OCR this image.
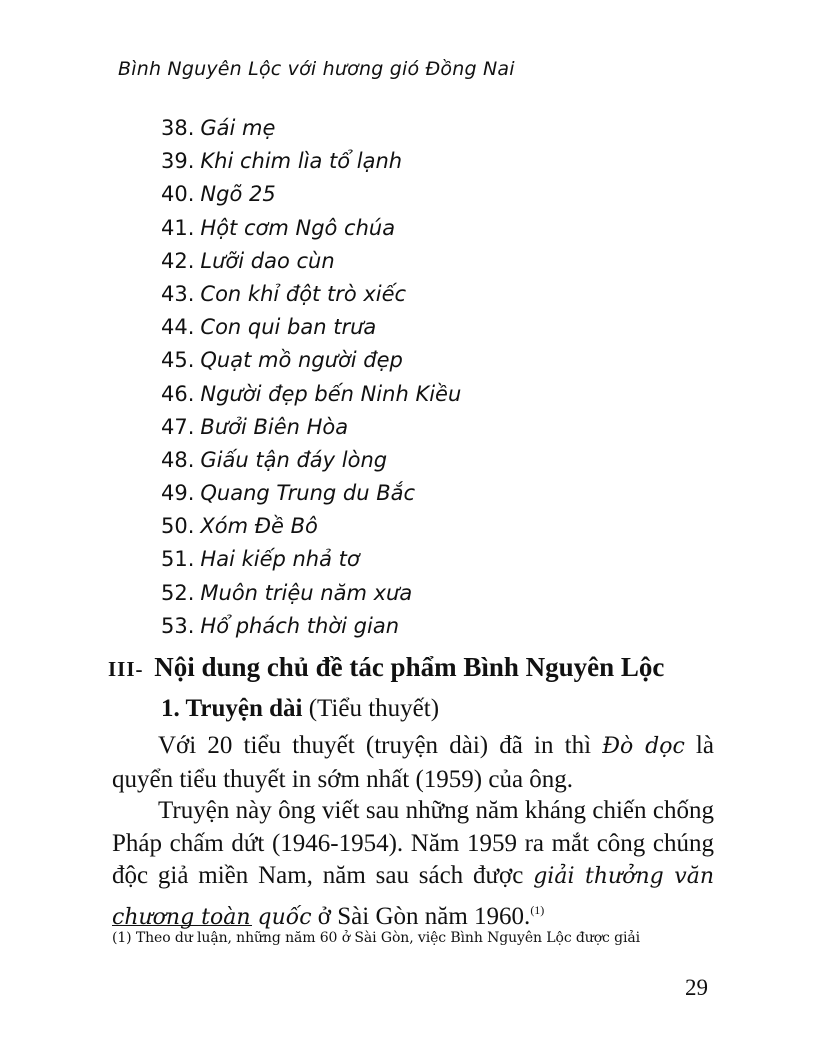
Bình Nguyên Lộc với hương gió Đồng Nai
38. Gái mẹ
39. Khi chim lìa tổ lạnh
40. Ngõ 25
41. Hột cơm Ngô chúa
42. Lưỡi dao cùn
43. Con khỉ đột trò xiếc
44. Con qui ban trưa
45. Quạt mồ người đẹp
46. Người đẹp bến Ninh Kiều
47. Bưởi Biên Hòa
48. Giấu tận đáy lòng
49. Quang Trung du Bắc
50. Xóm Đề Bô
51. Hai kiếp nhả tơ
52. Muôn triệu năm xưa
53. Hổ phách thời gian
III- Nội dung chủ đề tác phẩm Bình Nguyên Lộc
1. Truyện dài (Tiểu thuyết)

Với 20 tiểu thuyết (truyện dài) đã in thì Đò dọc là quyển tiểu thuyết in sớm nhất (1959) của ông.

Truyện này ông viết sau những năm kháng chiến chống Pháp chấm dứt (1946-1954). Năm 1959 ra mắt công chúng độc giả miền Nam, năm sau sách được giải thưởng văn chương toàn quốc ở Sài Gòn năm 1960.$^{(1)}$

(1) Theo dư luận, những năm 60 ở Sài Gòn, việc Bình Nguyên Lộc được giải
29
